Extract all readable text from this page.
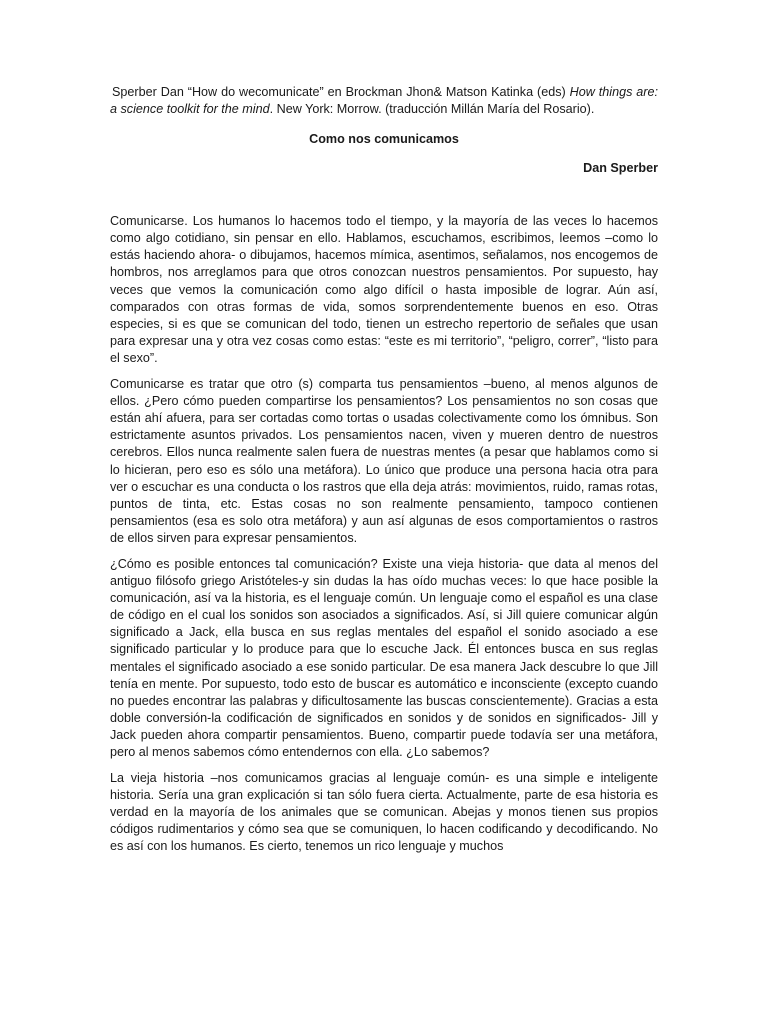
Sperber Dan “How do wecomunicate” en Brockman Jhon& Matson Katinka (eds) How things are: a science toolkit for the mind. New York: Morrow. (traducción Millán María del Rosario).

Como nos comunicamos

Dan Sperber

Comunicarse. Los humanos lo hacemos todo el tiempo, y la mayoría de las veces lo hacemos como algo cotidiano, sin pensar en ello. Hablamos, escuchamos, escribimos, leemos –como lo estás haciendo ahora- o dibujamos, hacemos mímica, asentimos, señalamos, nos encogemos de hombros, nos arreglamos para que otros conozcan nuestros pensamientos. Por supuesto, hay veces que vemos la comunicación como algo difícil o hasta imposible de lograr. Aún así, comparados con otras formas de vida, somos sorprendentemente buenos en eso. Otras especies, si es que se comunican del todo, tienen un estrecho repertorio de señales que usan para expresar una y otra vez cosas como estas: “este es mi territorio”, “peligro, correr”, “listo para el sexo”.

Comunicarse es tratar que otro (s) comparta tus pensamientos –bueno, al menos algunos de ellos. ¿Pero cómo pueden compartirse los pensamientos? Los pensamientos no son cosas que están ahí afuera, para ser cortadas como tortas o usadas colectivamente como los ómnibus. Son estrictamente asuntos privados. Los pensamientos nacen, viven y mueren dentro de nuestros cerebros. Ellos nunca realmente salen fuera de nuestras mentes (a pesar que hablamos como si lo hicieran, pero eso es sólo una metáfora). Lo único que produce una persona hacia otra para ver o escuchar es una conducta o los rastros que ella deja atrás: movimientos, ruido, ramas rotas, puntos de tinta, etc. Estas cosas no son realmente pensamiento, tampoco contienen pensamientos (esa es solo otra metáfora) y aun así algunas de esos comportamientos o rastros de ellos sirven para expresar pensamientos.

¿Cómo es posible entonces tal comunicación? Existe una vieja historia- que data al menos del antiguo filósofo griego Aristóteles-y sin dudas la has oído muchas veces: lo que hace posible la comunicación, así va la historia, es el lenguaje común. Un lenguaje como el español es una clase de código en el cual los sonidos son asociados a significados. Así, si Jill quiere comunicar algún significado a Jack, ella busca en sus reglas mentales del español el sonido asociado a ese significado particular y lo produce para que lo escuche Jack. Él entonces busca en sus reglas mentales el significado asociado a ese sonido particular. De esa manera Jack descubre lo que Jill tenía en mente. Por supuesto, todo esto de buscar es automático e inconsciente (excepto cuando no puedes encontrar las palabras y dificultosamente las buscas conscientemente). Gracias a esta doble conversión-la codificación de significados en sonidos y de sonidos en significados- Jill y Jack pueden ahora compartir pensamientos. Bueno, compartir puede todavía ser una metáfora, pero al menos sabemos cómo entendernos con ella. ¿Lo sabemos?

La vieja historia –nos comunicamos gracias al lenguaje común- es una simple e inteligente historia. Sería una gran explicación si tan sólo fuera cierta. Actualmente, parte de esa historia es verdad en la mayoría de los animales que se comunican. Abejas y monos tienen sus propios códigos rudimentarios y cómo sea que se comuniquen, lo hacen codificando y decodificando. No es así con los humanos. Es cierto, tenemos un rico lenguaje y muchos
